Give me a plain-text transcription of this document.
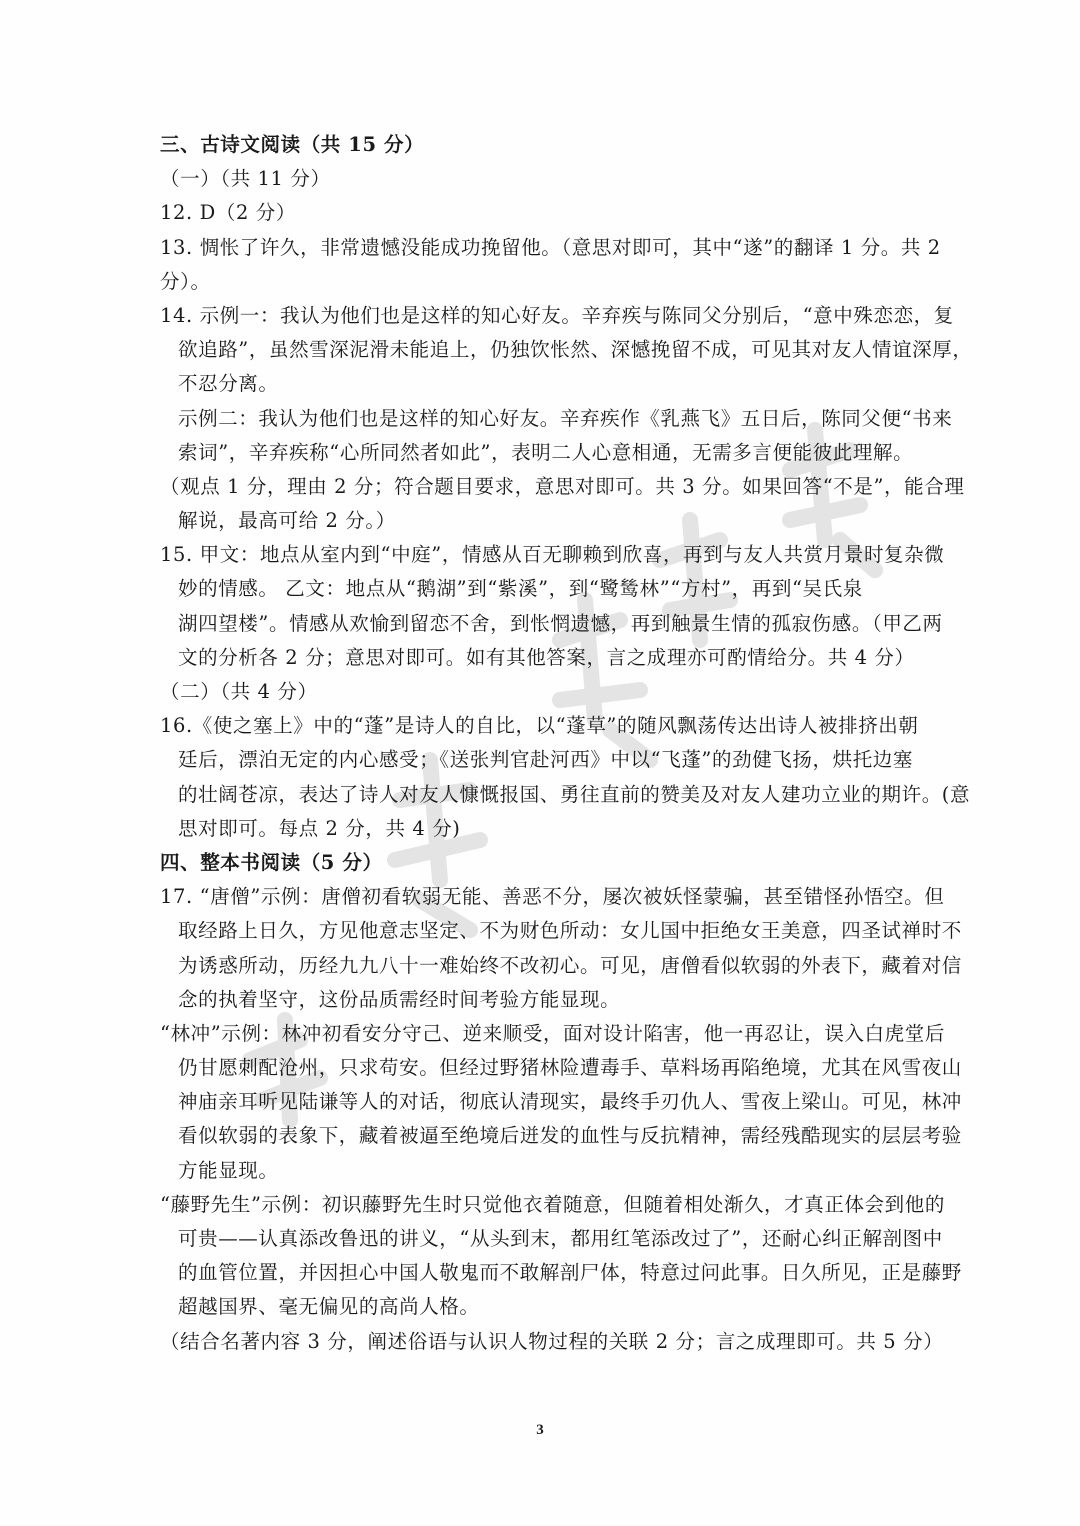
三、古诗文阅读（共 15 分）
（一）（共 11 分）
12. D（2 分）
13. 惆怅了许久，非常遗憾没能成功挽留他。（意思对即可，其中“遂”的翻译 1 分。共 2
分）。
14. 示例一：我认为他们也是这样的知心好友。辛弃疾与陈同父分别后，“意中殊恋恋，复
欲追路”，虽然雪深泥滑未能追上，仍独饮怅然、深憾挽留不成，可见其对友人情谊深厚，
不忍分离。
示例二：我认为他们也是这样的知心好友。辛弃疾作《乳燕飞》五日后，陈同父便“书来
索词”，辛弃疾称“心所同然者如此”，表明二人心意相通，无需多言便能彼此理解。
（观点 1 分，理由 2 分；符合题目要求，意思对即可。共 3 分。如果回答“不是”，能合理
解说，最高可给 2 分。）
15. 甲文：地点从室内到“中庭”，情感从百无聊赖到欣喜，再到与友人共赏月景时复杂微
妙的情感。 乙文：地点从“鹅湖”到“紫溪”，到“鹭鸶林”“方村”，再到“吴氏泉
湖四望楼”。情感从欢愉到留恋不舍，到怅惘遗憾，再到触景生情的孤寂伤感。（甲乙两
文的分析各 2 分；意思对即可。如有其他答案，言之成理亦可酌情给分。共 4 分）
（二）（共 4 分）
16.《使之塞上》中的“蓬”是诗人的自比，以“蓬草”的随风飘荡传达出诗人被排挤出朝
廷后，漂泊无定的内心感受；《送张判官赴河西》中以“飞蓬”的劲健飞扬，烘托边塞
的壮阔苍凉，表达了诗人对友人慷慨报国、勇往直前的赞美及对友人建功立业的期许。(意
思对即可。每点 2 分，共 4 分)
四、整本书阅读（5 分）
17. “唐僧”示例：唐僧初看软弱无能、善恶不分，屡次被妖怪蒙骗，甚至错怪孙悟空。但
取经路上日久，方见他意志坚定、不为财色所动：女儿国中拒绝女王美意，四圣试禅时不
为诱惑所动，历经九九八十一难始终不改初心。可见，唐僧看似软弱的外表下，藏着对信
念的执着坚守，这份品质需经时间考验方能显现。
“林冲”示例：林冲初看安分守己、逆来顺受，面对设计陷害，他一再忍让，误入白虎堂后
仍甘愿刺配沧州，只求苟安。但经过野猪林险遭毒手、草料场再陷绝境，尤其在风雪夜山
神庙亲耳听见陆谦等人的对话，彻底认清现实，最终手刃仇人、雪夜上梁山。可见，林冲
看似软弱的表象下，藏着被逼至绝境后迸发的血性与反抗精神，需经残酷现实的层层考验
方能显现。
“藤野先生”示例：初识藤野先生时只觉他衣着随意，但随着相处渐久，才真正体会到他的
可贵——认真添改鲁迅的讲义，“从头到末，都用红笔添改过了”，还耐心纠正解剖图中
的血管位置，并因担心中国人敬鬼而不敢解剖尸体，特意过问此事。日久所见，正是藤野
超越国界、毫无偏见的高尚人格。
（结合名著内容 3 分，阐述俗语与认识人物过程的关联 2 分；言之成理即可。共 5 分）
3
